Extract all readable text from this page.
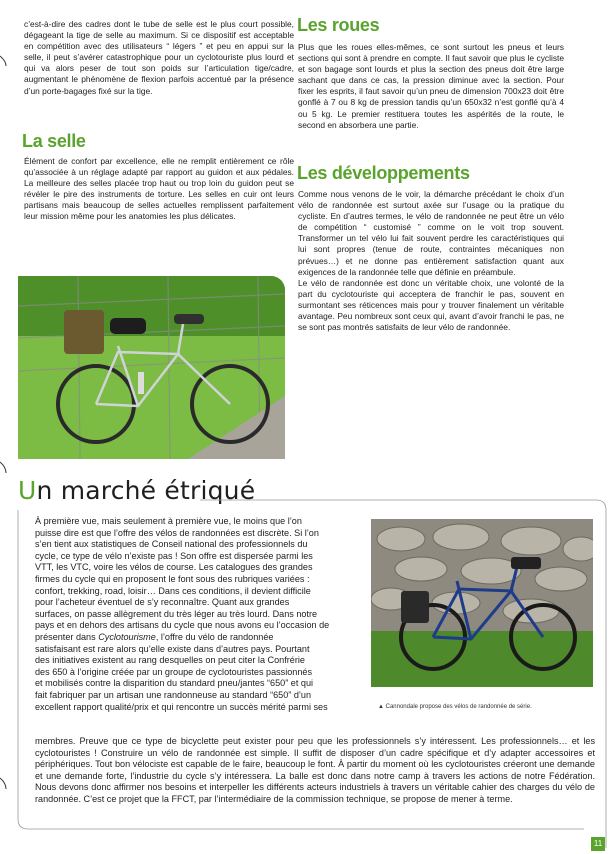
c’est-à-dire des cadres dont le tube de selle est le plus court possible, dégageant la tige de selle au maximum. Si ce dispositif est acceptable en compétition avec des utilisateurs “ légers ” et peu en appui sur la selle, il peut s’avérer catastrophique pour un cyclotouriste plus lourd et qui va alors peser de tout son poids sur l’articulation tige/cadre, augmentant le phénomène de flexion parfois accentué par la présence d’un porte-bagages fixé sur la tige.

La selle

Élément de confort par excellence, elle ne remplit entièrement ce rôle qu’associée à un réglage adapté par rapport au guidon et aux pédales. La meilleure des selles placée trop haut ou trop loin du guidon peut se révéler le pire des instruments de torture. Les selles en cuir ont leurs partisans mais beaucoup de selles actuelles remplissent parfaitement leur mission même pour les anatomies les plus délicates.

Les roues

Plus que les roues elles-mêmes, ce sont surtout les pneus et leurs sections qui sont à prendre en compte. Il faut savoir que plus le cycliste et son bagage sont lourds et plus la section des pneus doit être large sachant que dans ce cas, la pression diminue avec la section. Pour fixer les esprits, il faut savoir qu’un pneu de dimension 700x23 doit être gonflé à 7 ou 8 kg de pression tandis qu’un 650x32 n’est gonflé qu’à 4 ou 5 kg. Le premier restituera toutes les aspérités de la route, le second en absorbera une partie.

Les développements

Comme nous venons de le voir, la démarche précédant le choix d’un vélo de randonnée est surtout axée sur l’usage ou la pratique du cycliste. En d’autres termes, le vélo de randonnée ne peut être un vélo de compétition “ customisé ” comme on le voit trop souvent. Transformer un tel vélo lui fait souvent perdre les caractéristiques qui lui sont propres (tenue de route, contraintes mécaniques non prévues…) et ne donne pas entièrement satisfaction quant aux exigences de la randonnée telle que définie en préambule.

Le vélo de randonnée est donc un véritable choix, une volonté de la part du cyclotouriste qui acceptera de franchir le pas, souvent en surmontant ses réticences mais pour y trouver finalement un véritable avantage. Peu nombreux sont ceux qui, avant d’avoir franchi le pas, ne se sont pas montrés satisfaits de leur vélo de randonnée.

Un marché étriqué

À première vue, mais seulement à première vue, le moins que l’on

puisse dire est que l’offre des vélos de randonnées est discrète. Si l’on

s’en tient aux statistiques de Conseil national des professionnels du

cycle, ce type de vélo n’existe pas ! Son offre est dispersée parmi les

VTT, les VTC, voire les vélos de course. Les catalogues des grandes

firmes du cycle qui en proposent le font sous des rubriques variées :

confort, trekking, road, loisir… Dans ces conditions, il devient difficile

pour l’acheteur éventuel de s’y reconnaître. Quant aux grandes

surfaces, on passe allègrement du très léger au très lourd. Dans notre

pays et en dehors des artisans du cycle que nous avons eu l’occasion de

présenter dans Cyclotourisme, l’offre du vélo de randonnée

satisfaisant est rare alors qu’elle existe dans d’autres pays. Pourtant

des initiatives existent au rang desquelles on peut citer la Confrérie

des 650 à l’origine créée par un groupe de cyclotouristes passionnés

et mobilisés contre la disparition du standard pneu/jantes “650” et qui

fait fabriquer par un artisan une randonneuse au standard “650” d’un

excellent rapport qualité/prix et qui rencontre un succès mérité parmi ses

membres. Preuve que ce type de bicyclette peut exister pour peu que les professionnels s’y intéressent. Les professionnels… et les cyclotouristes ! Construire un vélo de randonnée est simple. Il suffit de disposer d’un cadre spécifique et d’y adapter accessoires et périphériques. Tout bon véloci​ste est capable de le faire, beaucoup le font. À partir du moment où les cyclotouristes créeront une demande et une demande forte, l’industrie du cycle s’y intéressera. La balle est donc dans notre camp à travers les actions de notre Fédération. Nous devons donc affirmer nos besoins et interpeller les différents acteurs industriels à travers un véritable cahier des charges du vélo de randonnée. C’est ce projet que la FFCT, par l’intermédiaire de la commission technique, se propose de mener à terme.

▲ Cannondale propose des vélos de randonnée de série.
11
